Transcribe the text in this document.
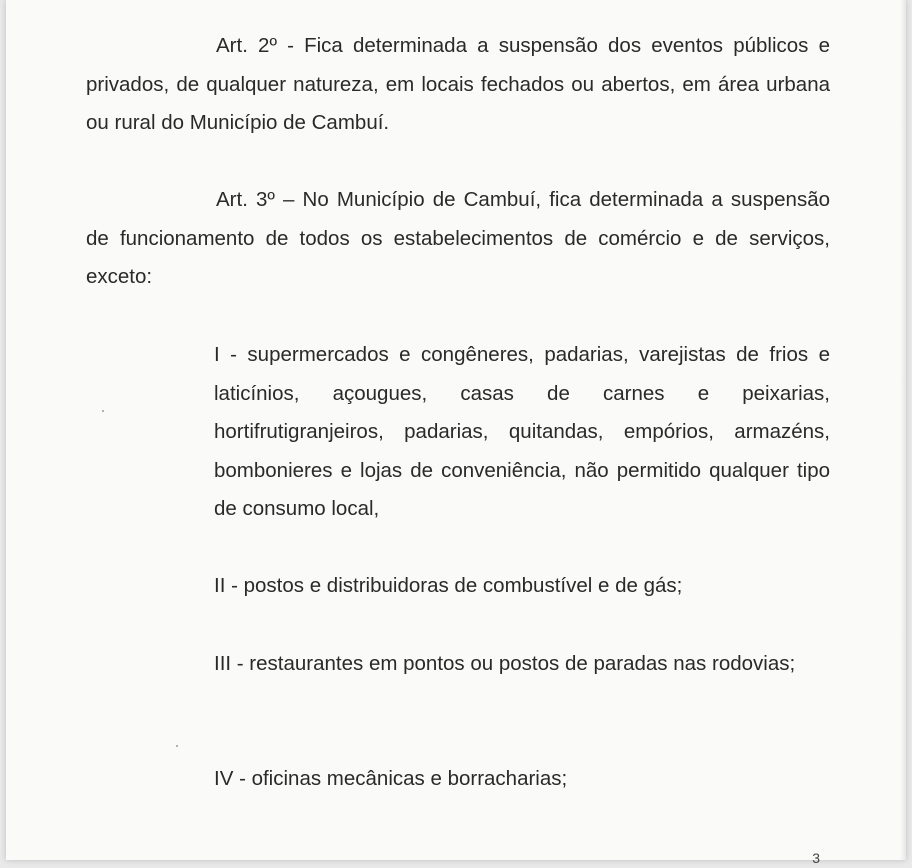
Art. 2º - Fica determinada a suspensão dos eventos públicos e privados, de qualquer natureza, em locais fechados ou abertos, em área urbana ou rural do Município de Cambuí.

Art. 3º – No Município de Cambuí, fica determinada a suspensão de funcionamento de todos os estabelecimentos de comércio e de serviços, exceto:

I - supermercados e congêneres, padarias, varejistas de frios e laticínios, açougues, casas de carnes e peixarias, hortifrutigranjeiros, padarias, quitandas, empórios, armazéns, bombonieres e lojas de conveniência, não permitido qualquer tipo de consumo local,

II - postos e distribuidoras de combustível e de gás;

III - restaurantes em pontos ou postos de paradas nas rodovias;

IV - oficinas mecânicas e borracharias;

3
